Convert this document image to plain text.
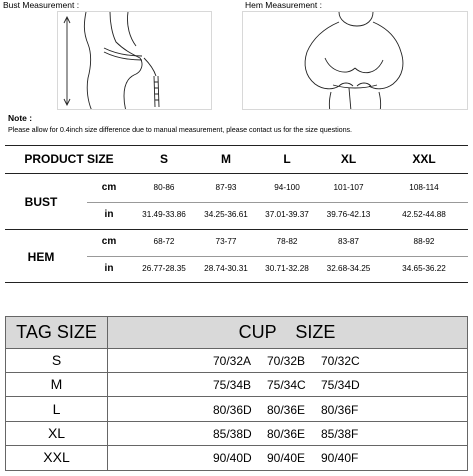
Bust Measurement :	Hem Measurement :
Note :
Please allow for 0.4inch size difference due to manual measurement, please contact us for the size questions.
PRODUCT SIZE	S	M	L	XL	XXL
BUST
cm	80-86	87-93	94-100	101-107	108-114
in	31.49-33.86	34.25-36.61	37.01-39.37	39.76-42.13	42.52-44.88
HEM
cm	68-72	73-77	78-82	83-87	88-92
in	26.77-28.35	28.74-30.31	30.71-32.28	32.68-34.25	34.65-36.22
TAG SIZE	CUP SIZE
S	70/32A 70/32B 70/32C
M	75/34B 75/34C 75/34D
L	80/36D 80/36E 80/36F
XL	85/38D 80/36E 85/38F
XXL	90/40D 90/40E 90/40F
